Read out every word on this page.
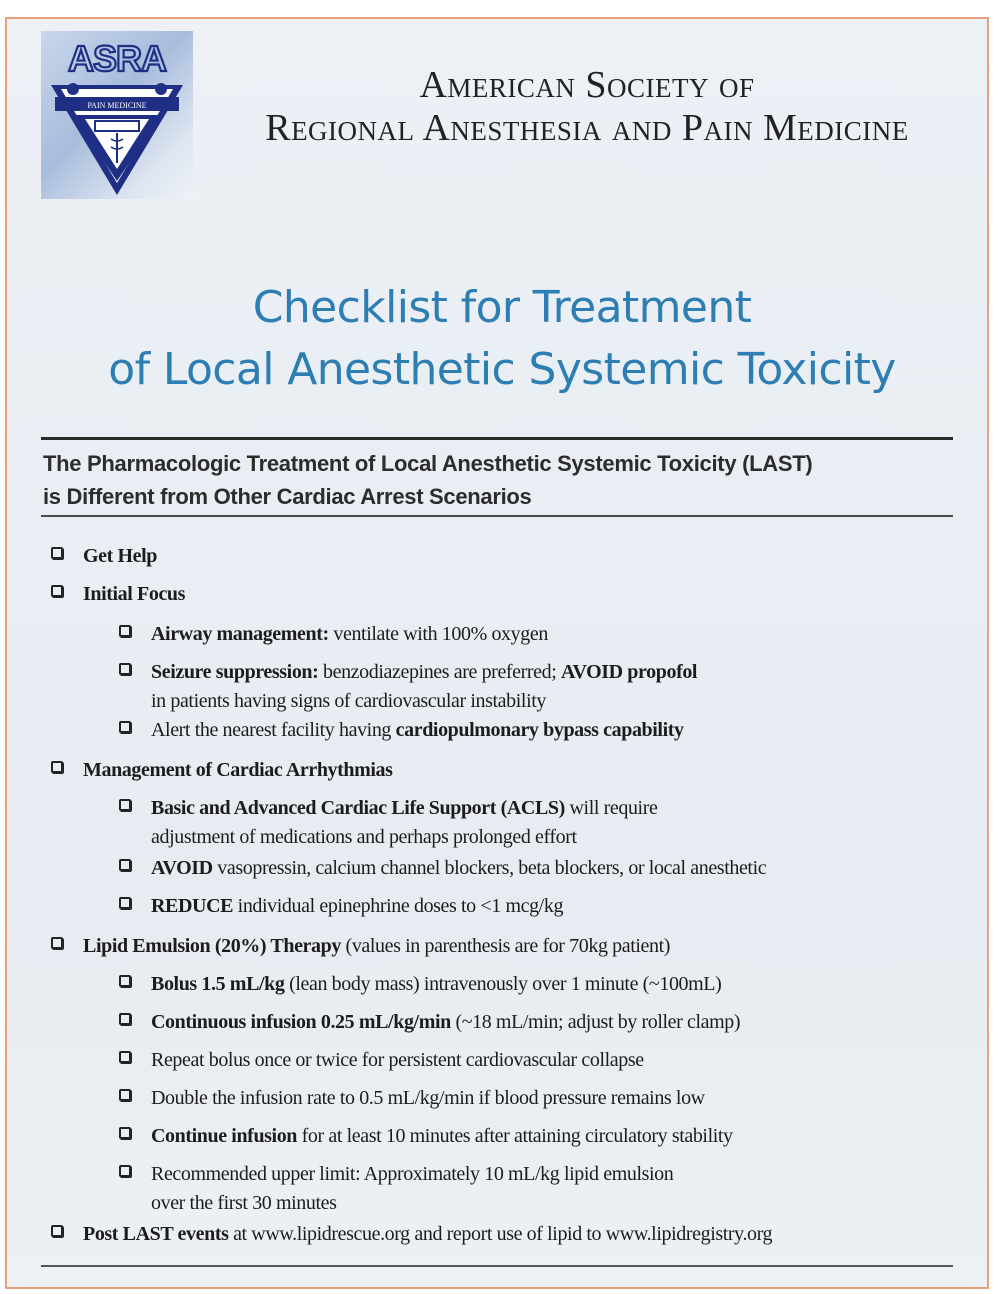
ASRA
PAIN MEDICINE	American Society of
Regional Anesthesia and Pain Medicine
Checklist for Treatment
of Local Anesthetic Systemic Toxicity
The Pharmacologic Treatment of Local Anesthetic Systemic Toxicity (LAST)
is Different from Other Cardiac Arrest Scenarios
Get Help
Initial Focus
Airway management: ventilate with 100% oxygen
Seizure suppression: benzodiazepines are preferred; AVOID propofol
in patients having signs of cardiovascular instability
Alert the nearest facility having cardiopulmonary bypass capability
Management of Cardiac Arrhythmias
Basic and Advanced Cardiac Life Support (ACLS) will require
adjustment of medications and perhaps prolonged effort
AVOID vasopressin, calcium channel blockers, beta blockers, or local anesthetic
REDUCE individual epinephrine doses to <1 mcg/kg
Lipid Emulsion (20%) Therapy (values in parenthesis are for 70kg patient)
Bolus 1.5 mL/kg (lean body mass) intravenously over 1 minute (~100mL)
Continuous infusion 0.25 mL/kg/min (~18 mL/min; adjust by roller clamp)
Repeat bolus once or twice for persistent cardiovascular collapse
Double the infusion rate to 0.5 mL/kg/min if blood pressure remains low
Continue infusion for at least 10 minutes after attaining circulatory stability
Recommended upper limit: Approximately 10 mL/kg lipid emulsion
over the first 30 minutes
Post LAST events at www.lipidrescue.org and report use of lipid to www.lipidregistry.org
